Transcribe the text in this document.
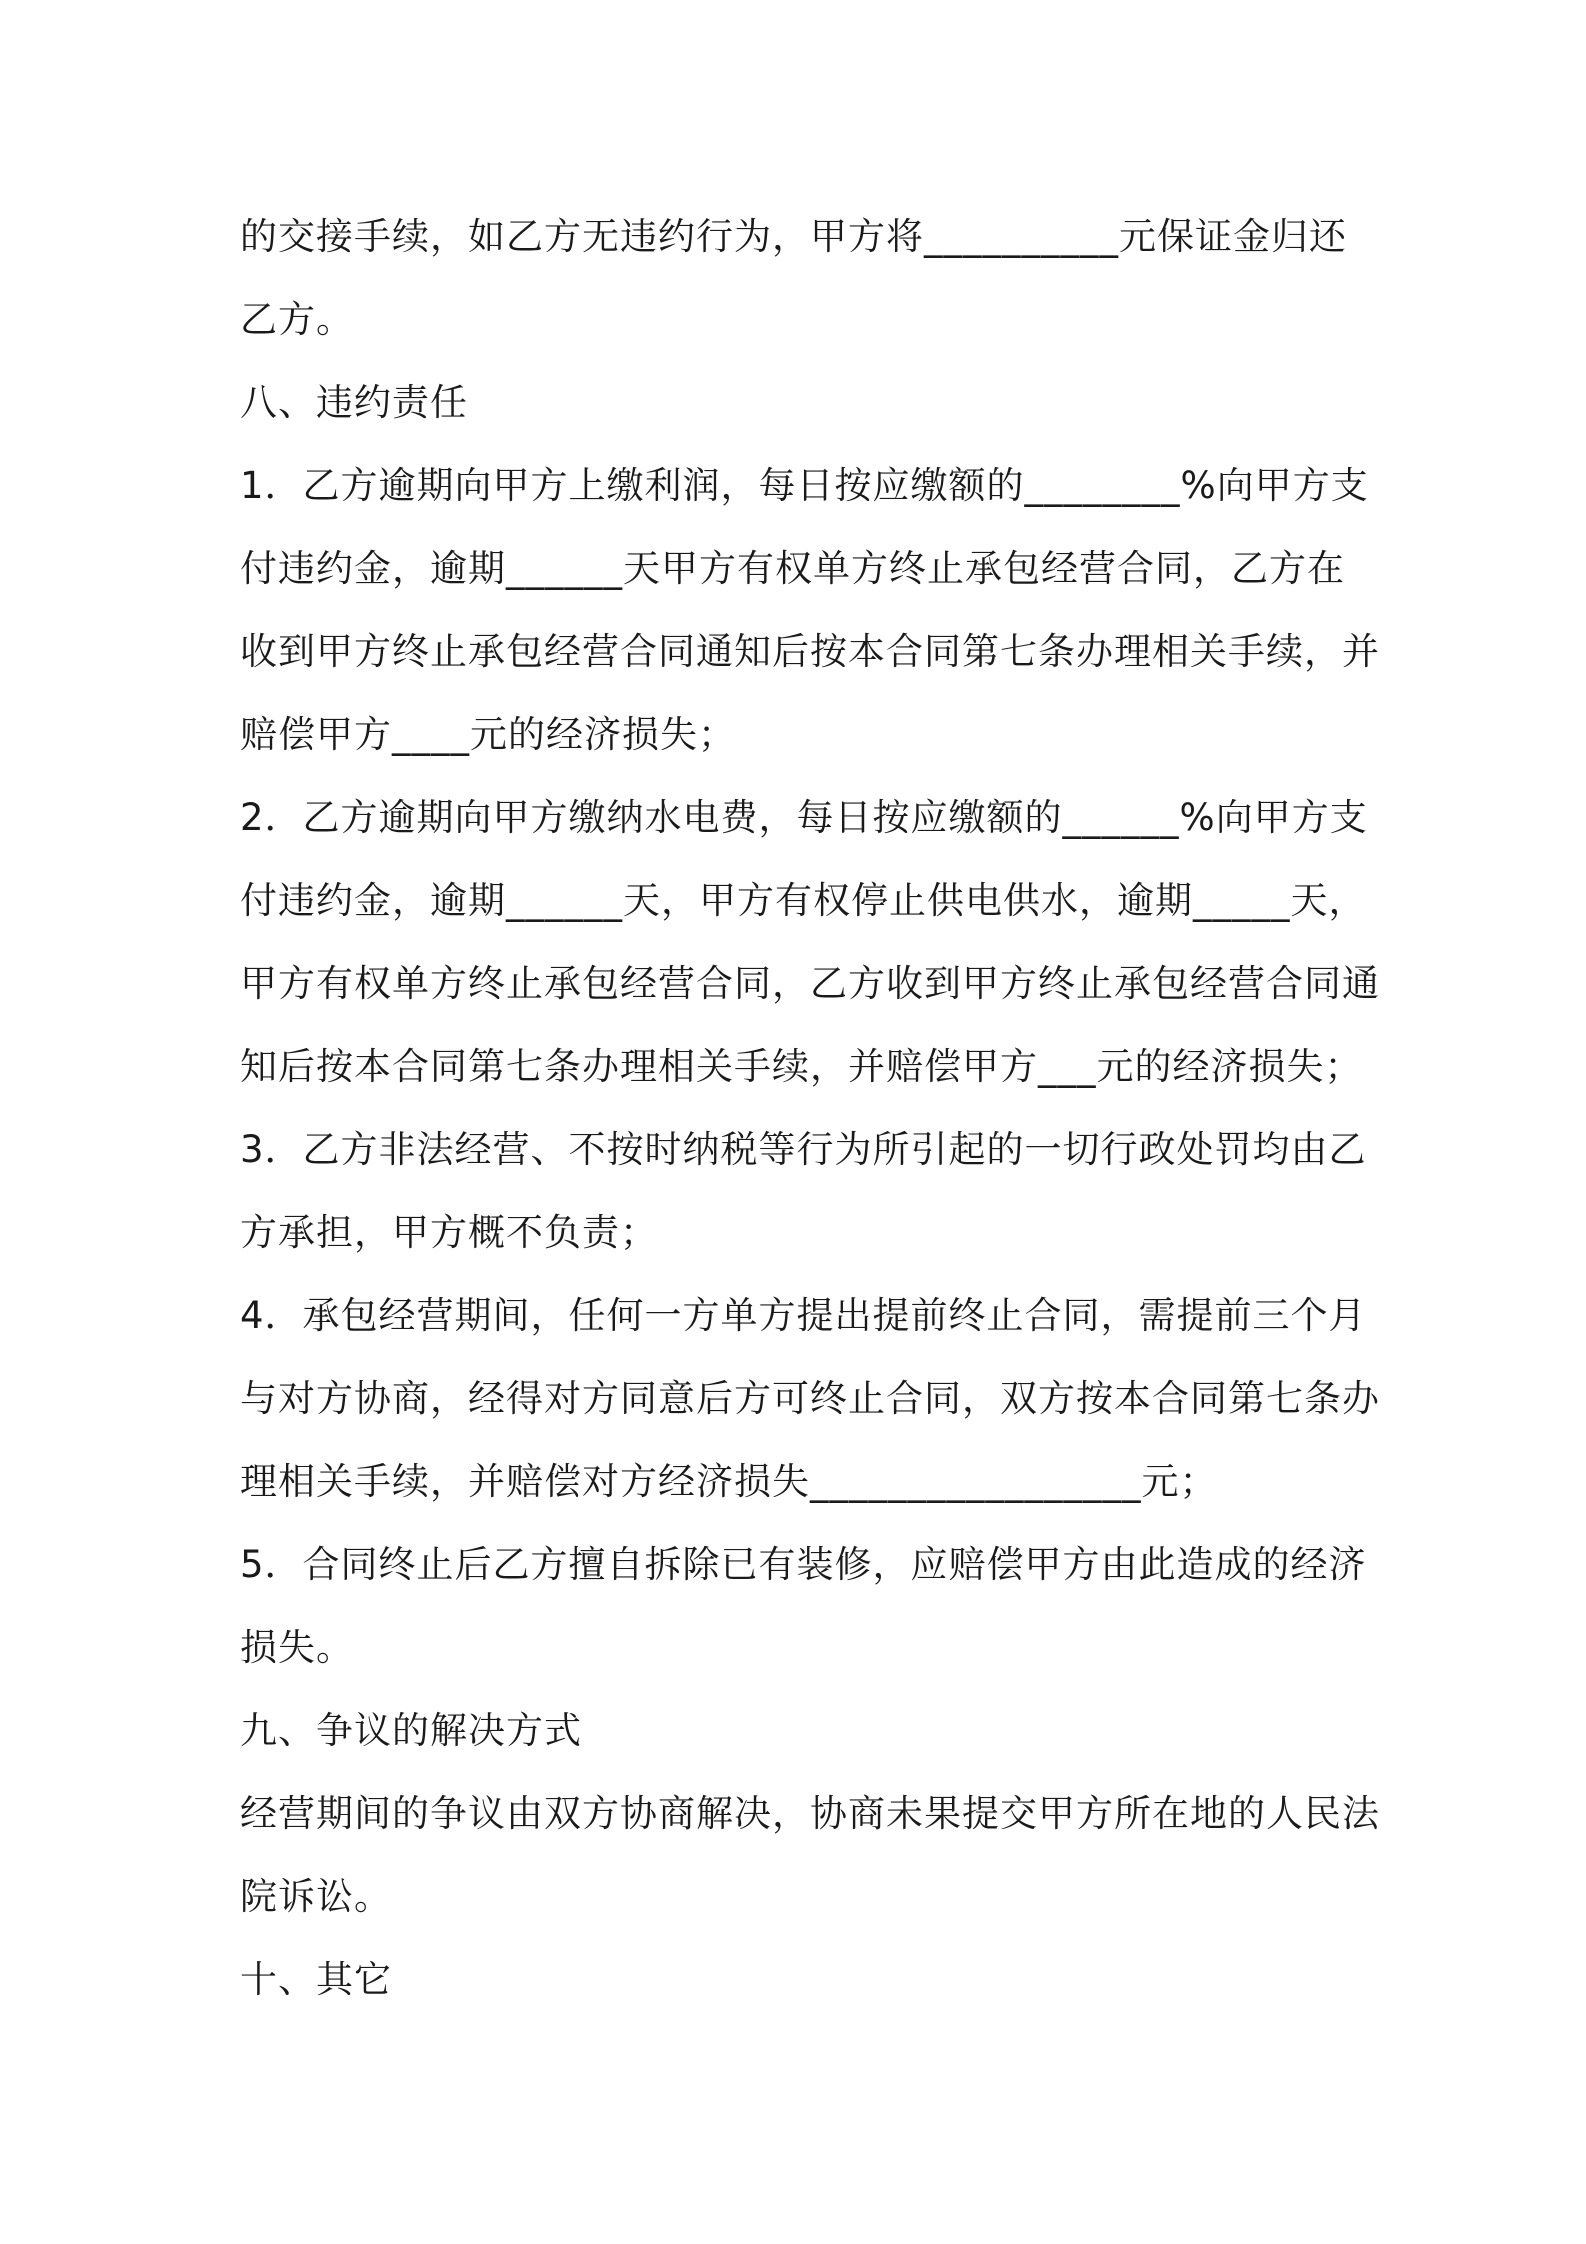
的交接手续，如乙方无违约行为，甲方将__________元保证金归还
乙方。
八、违约责任
1．乙方逾期向甲方上缴利润，每日按应缴额的________%向甲方支
付违约金，逾期______天甲方有权单方终止承包经营合同，乙方在
收到甲方终止承包经营合同通知后按本合同第七条办理相关手续，并
赔偿甲方____元的经济损失；
2．乙方逾期向甲方缴纳水电费，每日按应缴额的______%向甲方支
付违约金，逾期______天，甲方有权停止供电供水，逾期_____天，
甲方有权单方终止承包经营合同，乙方收到甲方终止承包经营合同通
知后按本合同第七条办理相关手续，并赔偿甲方___元的经济损失；
3．乙方非法经营、不按时纳税等行为所引起的一切行政处罚均由乙
方承担，甲方概不负责；
4．承包经营期间，任何一方单方提出提前终止合同，需提前三个月
与对方协商，经得对方同意后方可终止合同，双方按本合同第七条办
理相关手续，并赔偿对方经济损失_________________元；
5．合同终止后乙方擅自拆除已有装修，应赔偿甲方由此造成的经济
损失。
九、争议的解决方式
经营期间的争议由双方协商解决，协商未果提交甲方所在地的人民法
院诉讼。
十、其它
